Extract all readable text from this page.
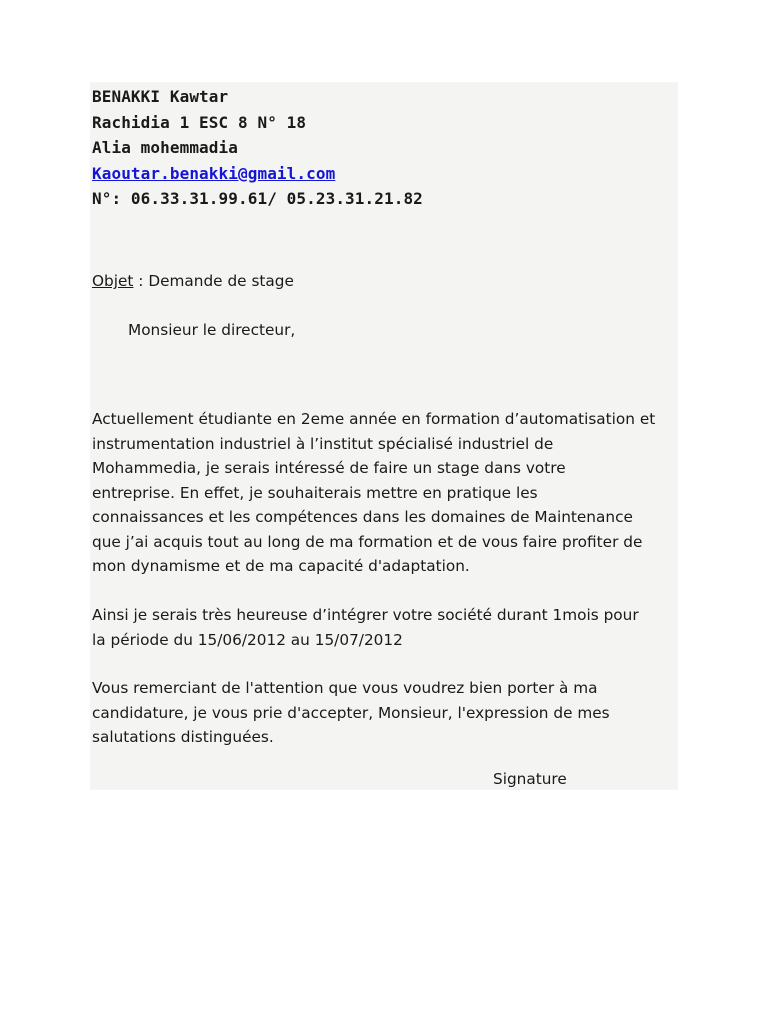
BENAKKI Kawtar
Rachidia 1 ESC 8 N° 18
Alia mohemmadia
Kaoutar.benakki@gmail.com
N°: 06.33.31.99.61/ 05.23.31.21.82
Objet : Demande de stage
Monsieur le directeur,
Actuellement étudiante en 2eme année en formation d’automatisation et
instrumentation industriel à l’institut spécialisé industriel de
Mohammedia, je serais intéressé de faire un stage dans votre
entreprise. En effet, je souhaiterais mettre en pratique les
connaissances et les compétences dans les domaines de Maintenance
que j’ai acquis tout au long de ma formation et de vous faire profiter de
mon dynamisme et de ma capacité d'adaptation.
Ainsi je serais très heureuse d’intégrer votre société durant 1mois pour
la période du 15/06/2012 au 15/07/2012
Vous remerciant de l'attention que vous voudrez bien porter à ma
candidature, je vous prie d'accepter, Monsieur, l'expression de mes
salutations distinguées.
Signature
